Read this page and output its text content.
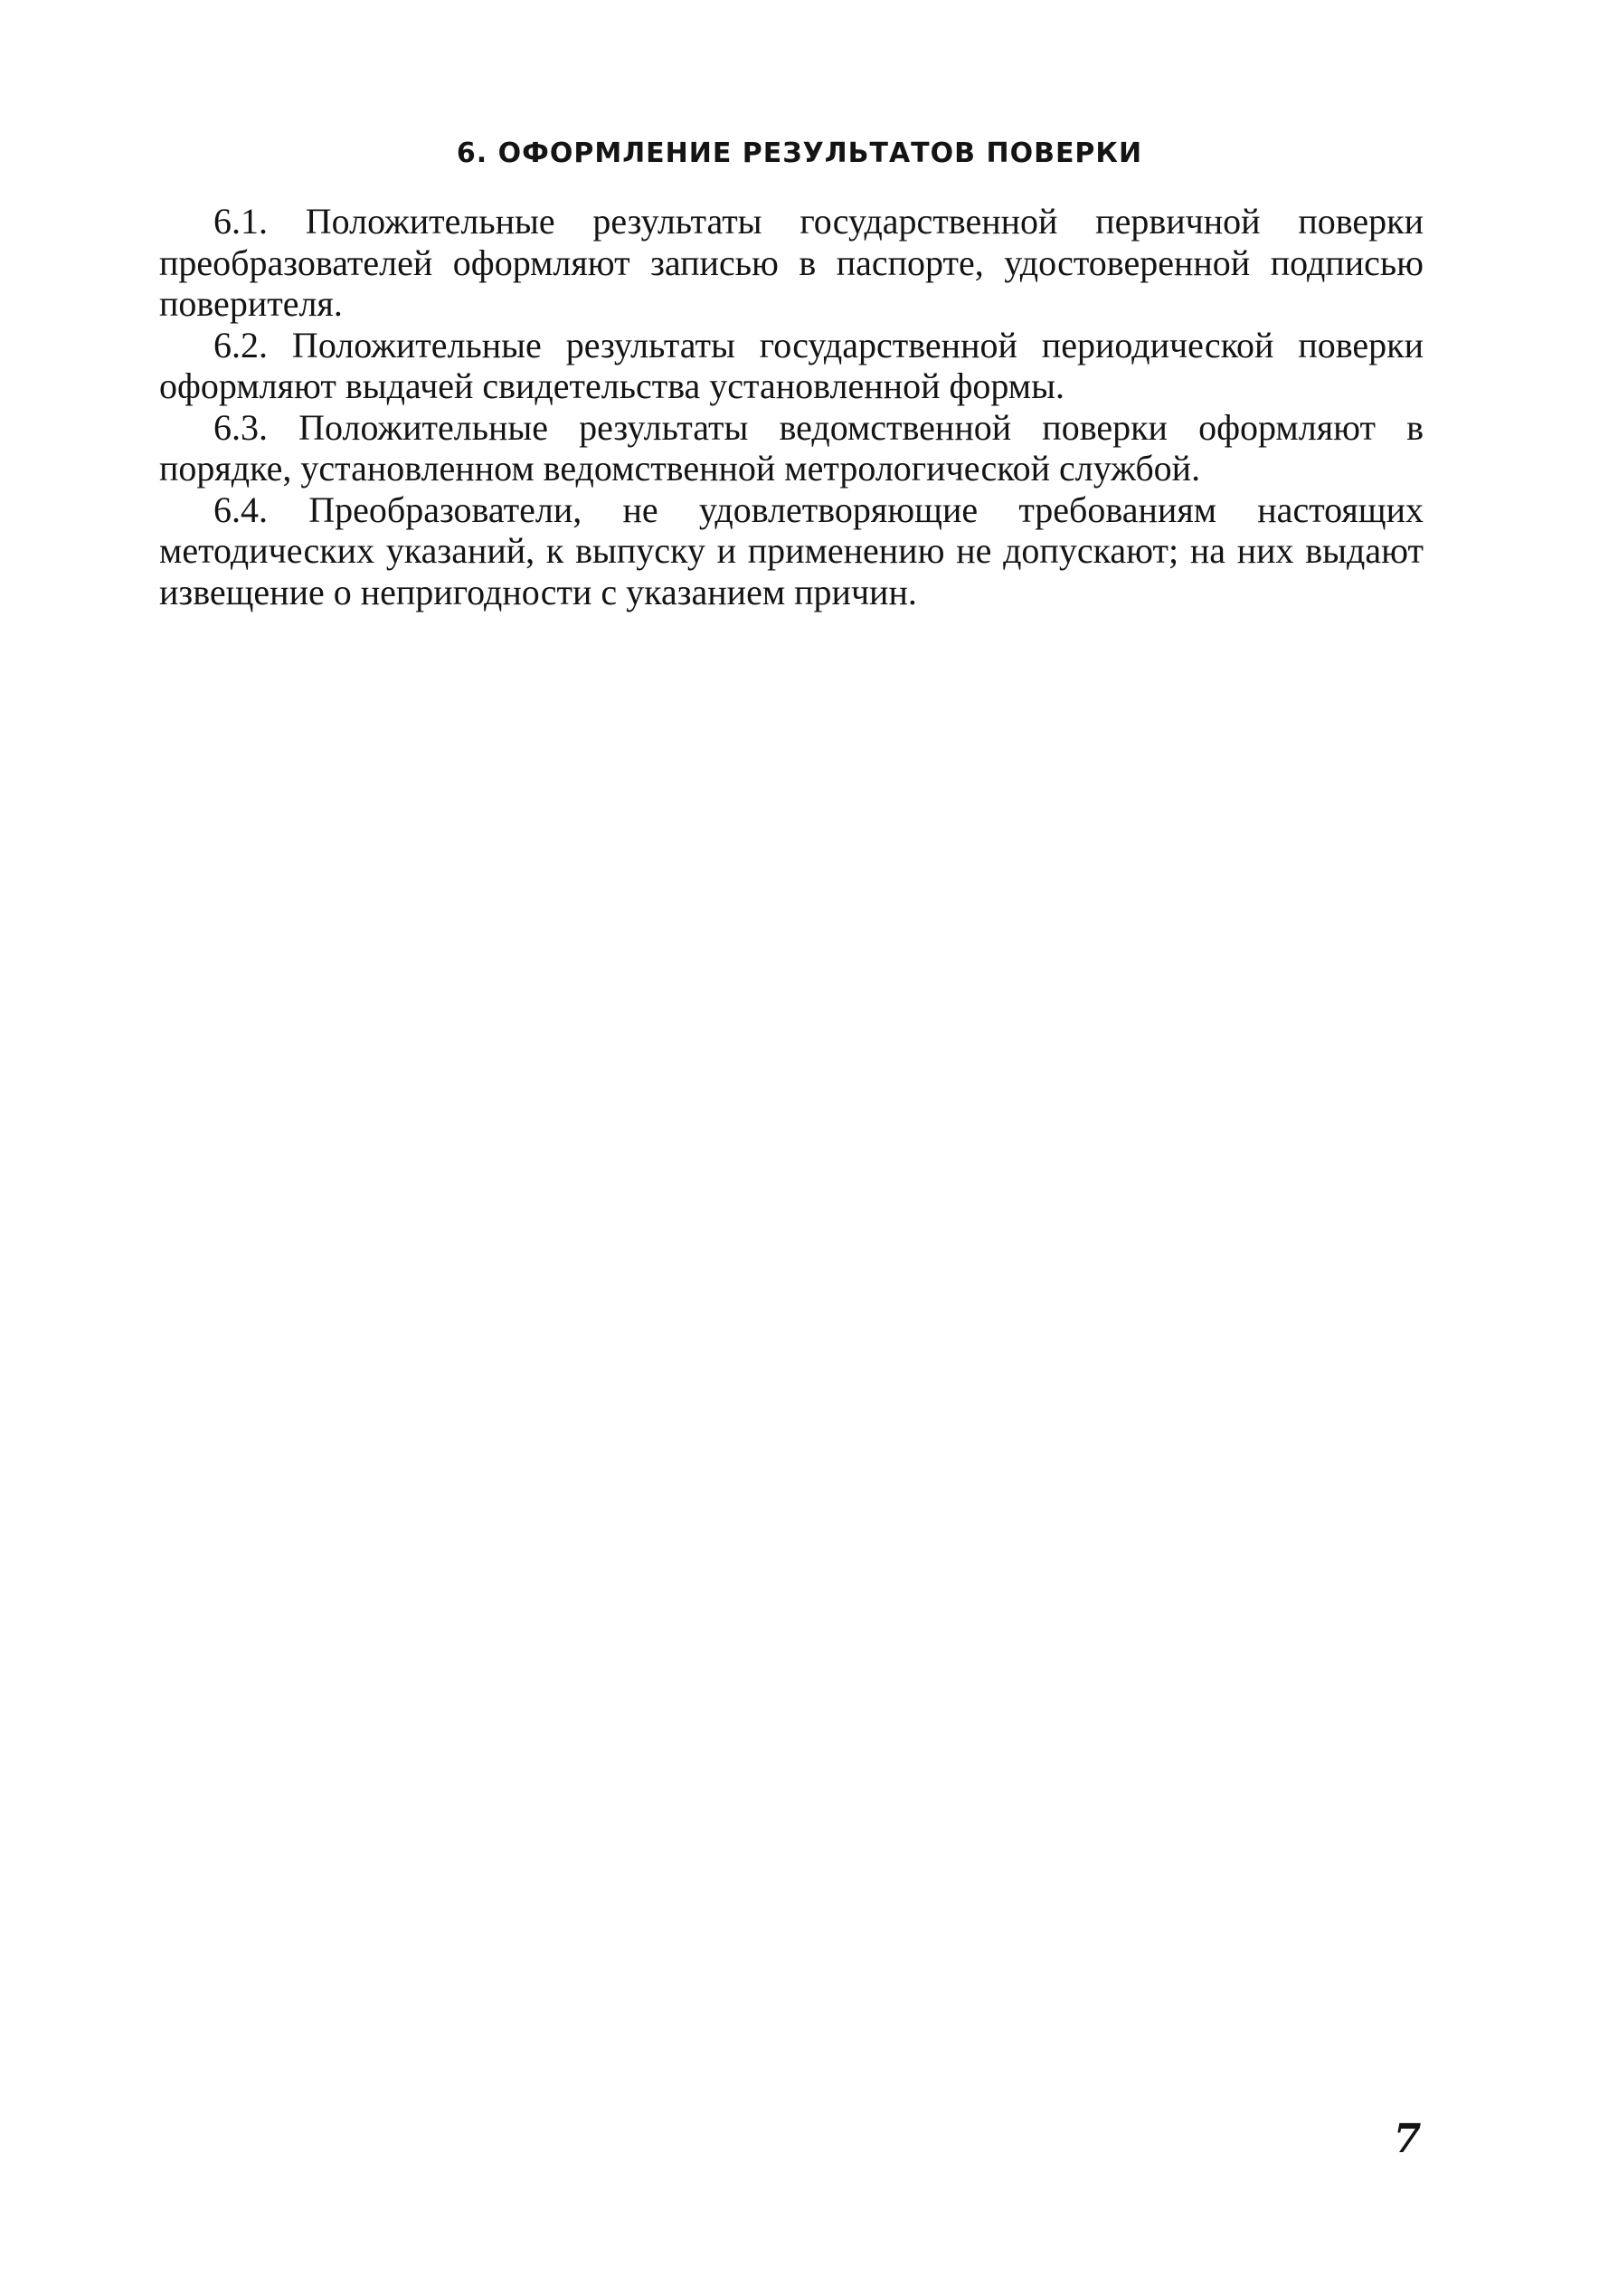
6. ОФОРМЛЕНИЕ РЕЗУЛЬТАТОВ ПОВЕРКИ

6.1. Положительные результаты государственной первичной поверки преобразователей оформляют записью в паспорте, удостоверенной подписью поверителя.

6.2. Положительные результаты государственной периодической поверки оформляют выдачей свидетельства установленной формы.

6.3. Положительные результаты ведомственной поверки оформляют в порядке, установленном ведомственной метрологической службой.

6.4. Преобразователи, не удовлетворяющие требованиям настоящих методических указаний, к выпуску и применению не допускают; на них выдают извещение о непригодности с указанием причин.

7
